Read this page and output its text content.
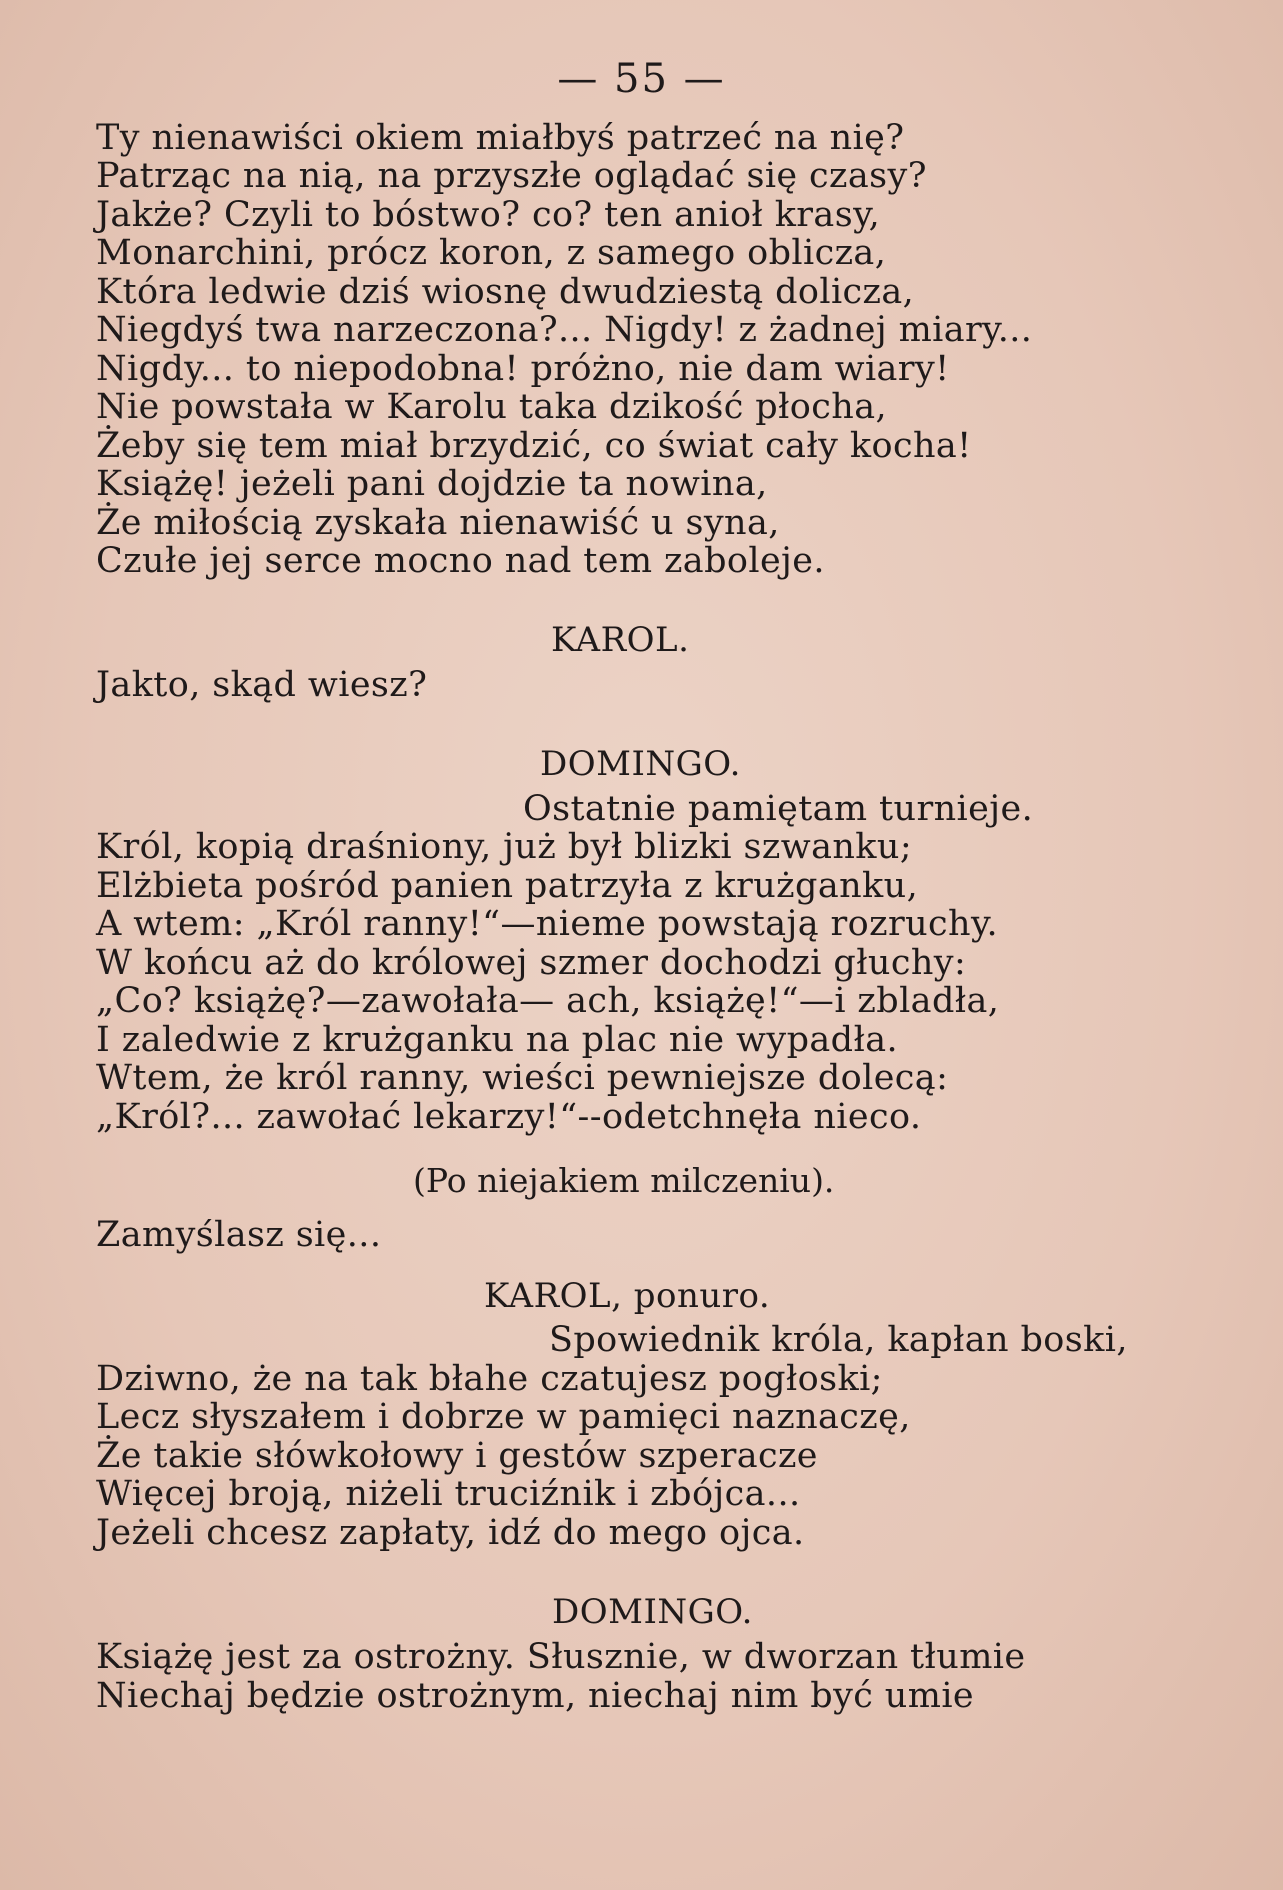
— 55 —
Ty nienawiści okiem miałbyś patrzeć na nię?
Patrząc na nią, na przyszłe oglądać się czasy?
Jakże? Czyli to bóstwo? co? ten anioł krasy,
Monarchini, prócz koron, z samego oblicza,
Która ledwie dziś wiosnę dwudziestą dolicza,
Niegdyś twa narzeczona?... Nigdy! z żadnej miary...
Nigdy... to niepodobna! próżno, nie dam wiary!
Nie powstała w Karolu taka dzikość płocha,
Żeby się tem miał brzydzić, co świat cały kocha!
Książę! jeżeli pani dojdzie ta nowina,
Że miłością zyskała nienawiść u syna,
Czułe jej serce mocno nad tem zaboleje.
KAROL.
Jakto, skąd wiesz?
DOMINGO.
Ostatnie pamiętam turnieje.
Król, kopią draśniony, już był blizki szwanku;
Elżbieta pośród panien patrzyła z krużganku,
A wtem: „Król ranny!“—nieme powstają rozruchy.
W końcu aż do królowej szmer dochodzi głuchy:
„Co? książę?—zawołała— ach, książę!“—i zbladła,
I zaledwie z krużganku na plac nie wypadła.
Wtem, że król ranny, wieści pewniejsze dolecą:
„Król?... zawołać lekarzy!“--odetchnęła nieco.
(Po niejakiem milczeniu).
Zamyślasz się...
KAROL, ponuro.
Spowiednik króla, kapłan boski,
Dziwno, że na tak błahe czatujesz pogłoski;
Lecz słyszałem i dobrze w pamięci naznaczę,
Że takie słówkołowy i gestów szperacze
Więcej broją, niżeli truciźnik i zbójca...
Jeżeli chcesz zapłaty, idź do mego ojca.
DOMINGO.
Książę jest za ostrożny. Słusznie, w dworzan tłumie
Niechaj będzie ostrożnym, niechaj nim być umie
